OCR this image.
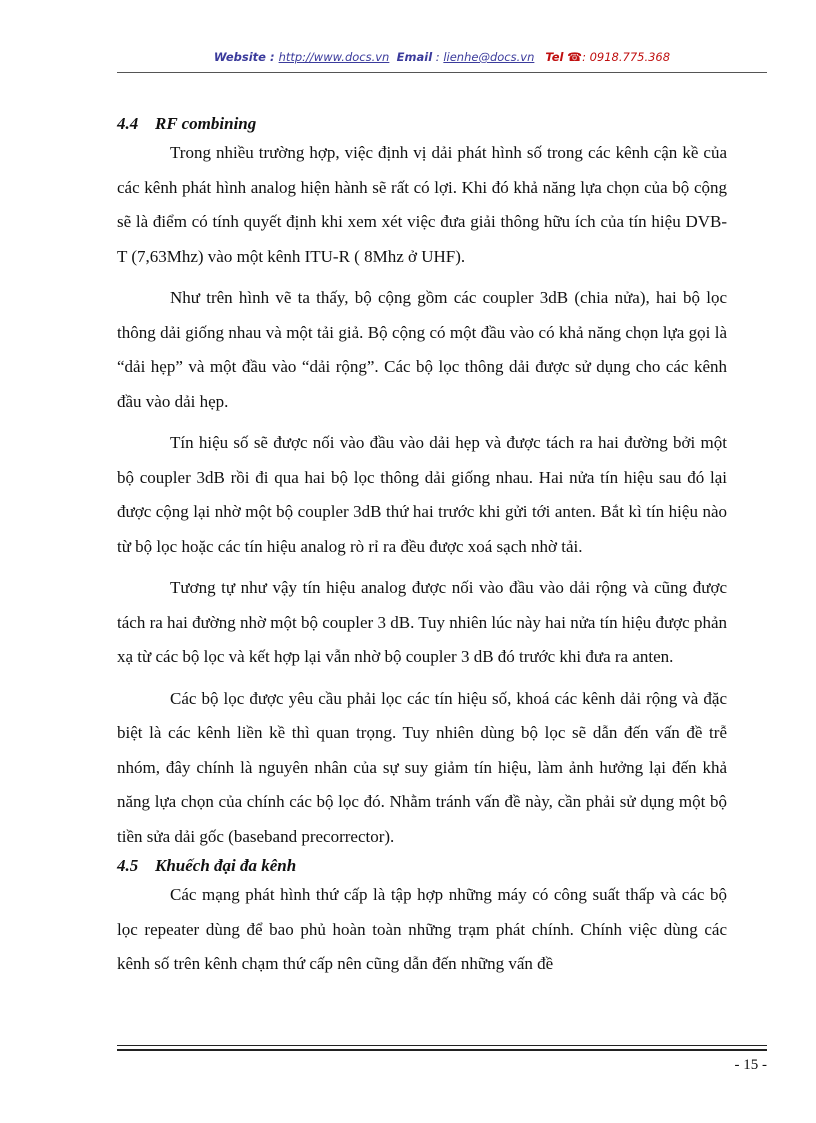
Website : http://www.docs.vn Email : lienhe@docs.vn Tel ☎: 0918.775.368
4.4 RF combining

Trong nhiều trường hợp, việc định vị dải phát hình số trong các kênh cận kề của các kênh phát hình analog hiện hành sẽ rất có lợi. Khi đó khả năng lựa chọn của bộ cộng sẽ là điểm có tính quyết định khi xem xét việc đưa giải thông hữu ích của tín hiệu DVB-T (7,63Mhz) vào một kênh ITU-R ( 8Mhz ở UHF).

Như trên hình vẽ ta thấy, bộ cộng gồm các coupler 3dB (chia nửa), hai bộ lọc thông dải giống nhau và một tải giả. Bộ cộng có một đầu vào có khả năng chọn lựa gọi là “dải hẹp” và một đầu vào “dải rộng”. Các bộ lọc thông dải được sử dụng cho các kênh đầu vào dải hẹp.

Tín hiệu số sẽ được nối vào đầu vào dải hẹp và được tách ra hai đường bởi một bộ coupler 3dB rồi đi qua hai bộ lọc thông dải giống nhau. Hai nửa tín hiệu sau đó lại được cộng lại nhờ một bộ coupler 3dB thứ hai trước khi gửi tới anten. Bắt kì tín hiệu nào từ bộ lọc hoặc các tín hiệu analog rò rỉ ra đều được xoá sạch nhờ tải.

Tương tự như vậy tín hiệu analog được nối vào đầu vào dải rộng và cũng được tách ra hai đường nhờ một bộ coupler 3 dB. Tuy nhiên lúc này hai nửa tín hiệu được phản xạ từ các bộ lọc và kết hợp lại vẫn nhờ bộ coupler 3 dB đó trước khi đưa ra anten.

Các bộ lọc được yêu cầu phải lọc các tín hiệu số, khoá các kênh dải rộng và đặc biệt là các kênh liền kề thì quan trọng. Tuy nhiên dùng bộ lọc sẽ dẫn đến vấn đề trễ nhóm, đây chính là nguyên nhân của sự suy giảm tín hiệu, làm ảnh hưởng lại đến khả năng lựa chọn của chính các bộ lọc đó. Nhằm tránh vấn đề này, cần phải sử dụng một bộ tiền sửa dải gốc (baseband precorrector).

4.5 Khuếch đại đa kênh

Các mạng phát hình thứ cấp là tập hợp những máy có công suất thấp và các bộ lọc repeater dùng để bao phủ hoàn toàn những trạm phát chính. Chính việc dùng các kênh số trên kênh chạm thứ cấp nên cũng dẫn đến những vấn đề

- 15 -
